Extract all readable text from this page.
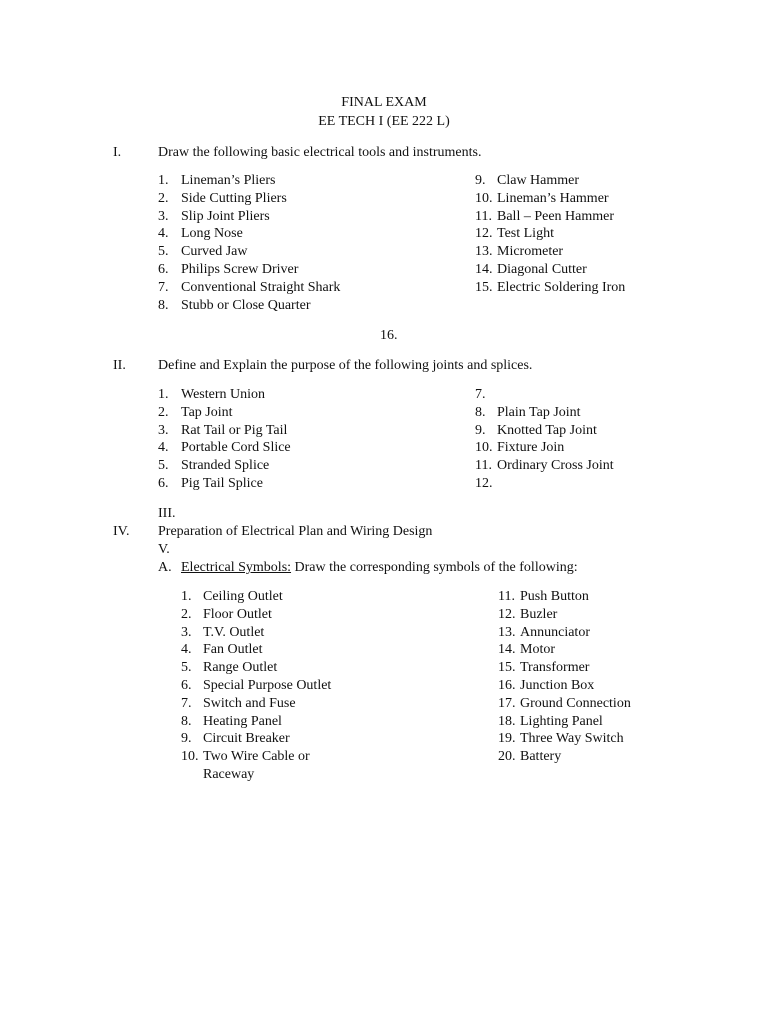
FINAL EXAM
EE TECH I (EE 222 L)
I.	Draw the following basic electrical tools and instruments.
1. Lineman’s Pliers
2. Side Cutting Pliers
3. Slip Joint Pliers
4. Long Nose
5. Curved Jaw
6. Philips Screw Driver
7. Conventional Straight Shark
8. Stubb or Close Quarter
9. Claw Hammer
10. Lineman’s Hammer
11. Ball – Peen Hammer
12. Test Light
13. Micrometer
14. Diagonal Cutter
15. Electric Soldering Iron
16.
II. Define and Explain the purpose of the following joints and splices.
1. Western Union
2. Tap Joint
3. Rat Tail or Pig Tail
4. Portable Cord Slice
5. Stranded Splice
6. Pig Tail Splice
7.
8. Plain Tap Joint
9. Knotted Tap Joint
10. Fixture Join
11. Ordinary Cross Joint
12.
III.
IV. Preparation of Electrical Plan and Wiring Design
V.
A. Electrical Symbols: Draw the corresponding symbols of the following:
1. Ceiling Outlet
2. Floor Outlet
3. T.V. Outlet
4. Fan Outlet
5. Range Outlet
6. Special Purpose Outlet
7. Switch and Fuse
8. Heating Panel
9. Circuit Breaker
10. Two Wire Cable or
Raceway
11. Push Button
12. Buzler
13. Annunciator
14. Motor
15. Transformer
16. Junction Box
17. Ground Connection
18. Lighting Panel
19. Three Way Switch
20. Battery
